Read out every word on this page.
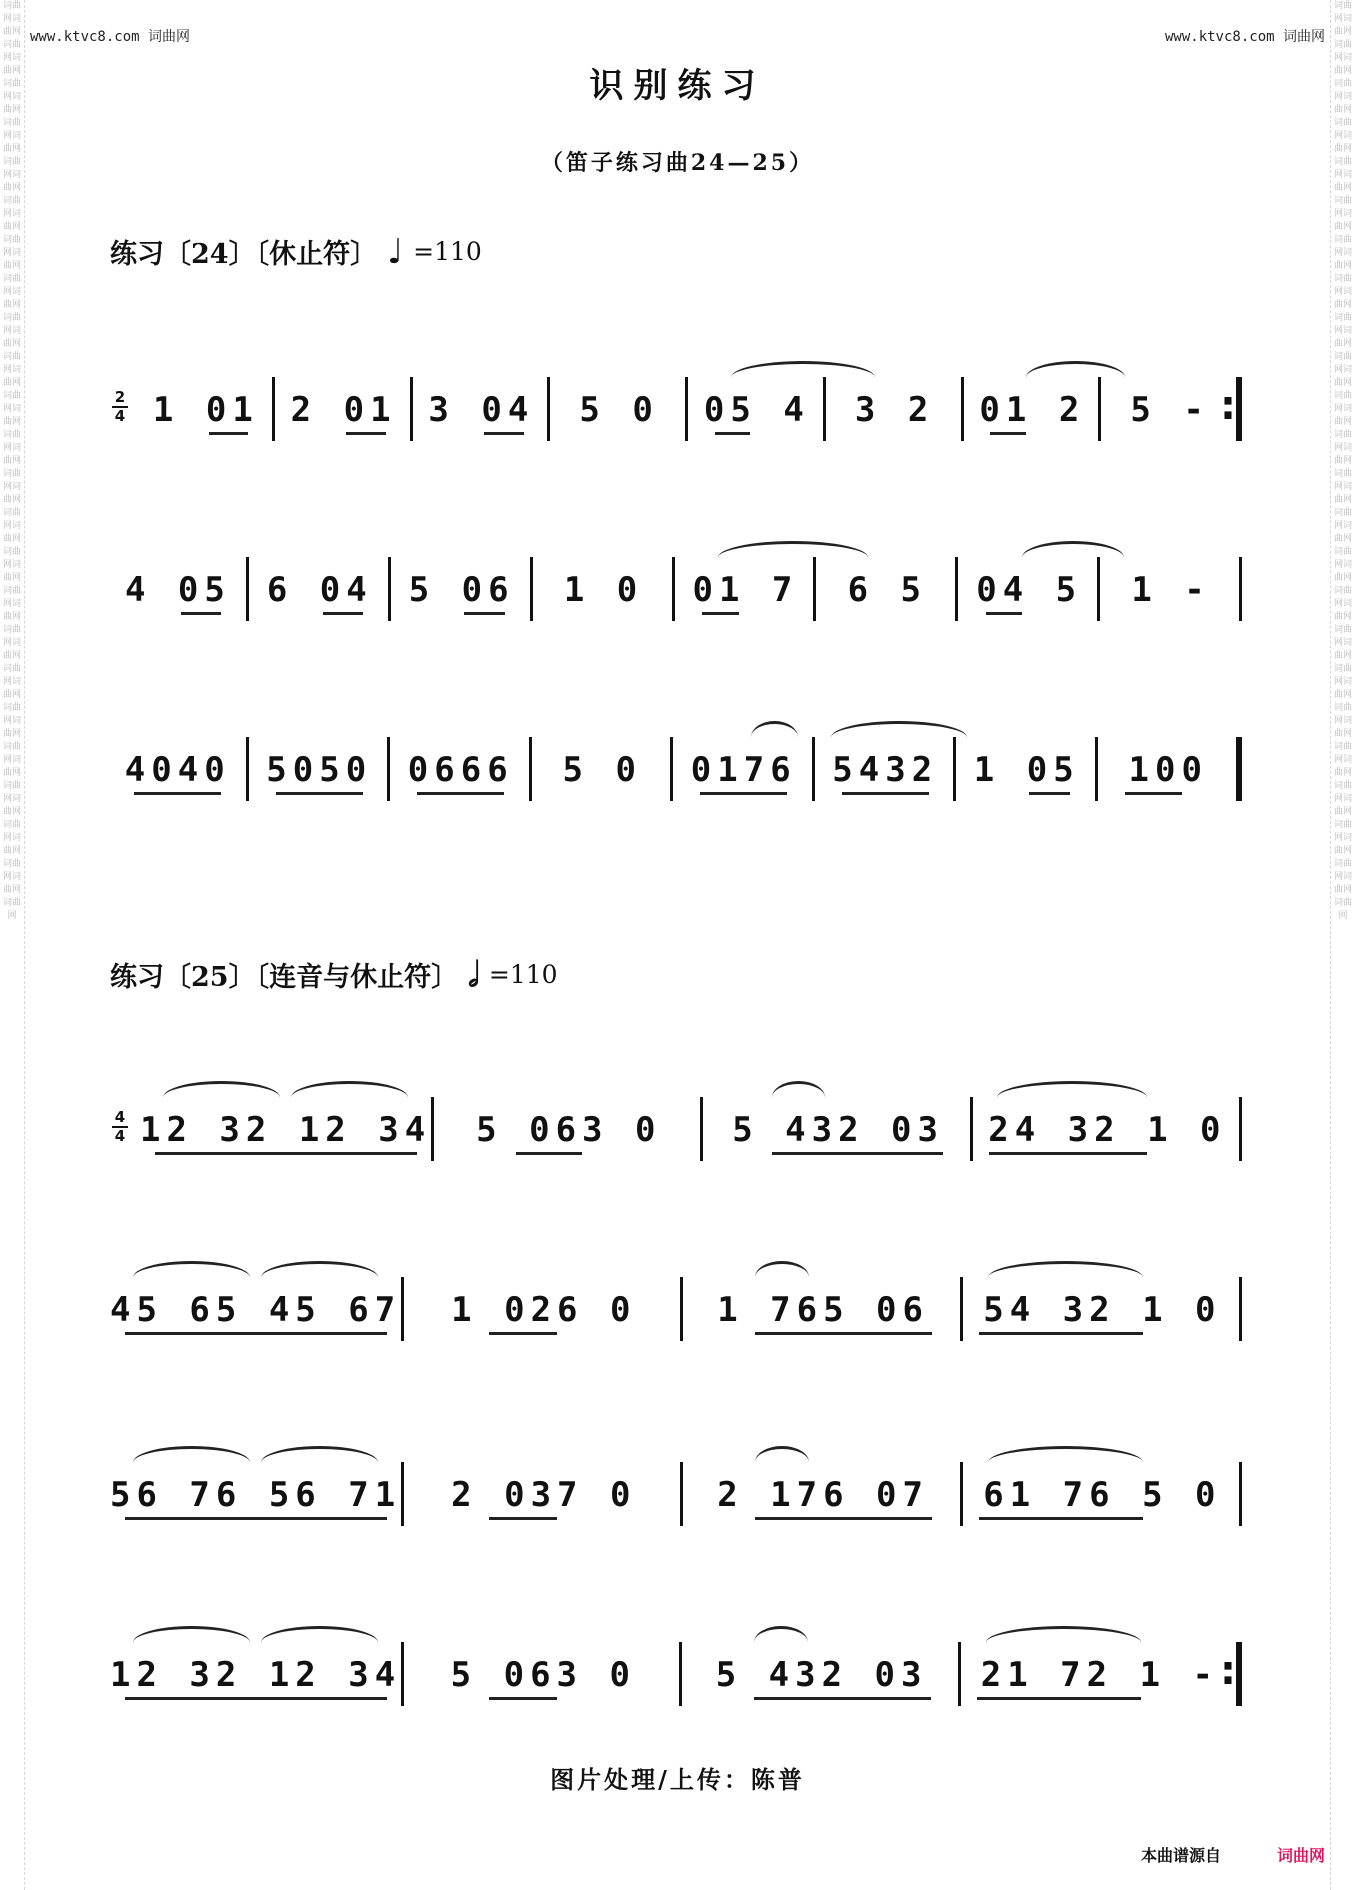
词曲网词曲网词曲网词曲网词曲网词曲网词曲网词曲网词曲网词曲网词曲网词曲网词曲网词曲网词曲网词曲网词曲网词曲网词曲网词曲网词曲网词曲网词曲网词曲网词曲网词曲网词曲网词曲网词曲网词曲网词曲网词曲网词曲网词曲网词曲网词曲网词曲网词曲网词曲网词曲网词曲网词曲网词曲网词曲网词曲网词曲网词曲网
词曲网词曲网词曲网词曲网词曲网词曲网词曲网词曲网词曲网词曲网词曲网词曲网词曲网词曲网词曲网词曲网词曲网词曲网词曲网词曲网词曲网词曲网词曲网词曲网词曲网词曲网词曲网词曲网词曲网词曲网词曲网词曲网词曲网词曲网词曲网词曲网词曲网词曲网词曲网词曲网词曲网词曲网词曲网词曲网词曲网词曲网词曲网
www.ktvc8.com 词曲网	www.ktvc8.com 词曲网
识别练习
（笛子练习曲24—25）
练习〔24〕〔休止符〕 ♩ =110
2
4 1 01 2 01 3 04 5 0 05 4 3 2 01 2 5 -
:
4 05 6 04 5 06 1 0 01 7 6 5 04 5 1 -
4040 5050 0666 5 0 0176 5432 1 05 100
练习〔25〕〔连音与休止符〕 𝅗𝅥 =110
4
4 12 32 12 34 5 063 0 5 432 03 24 32 1 0
45 65 45 67 1 026 0 1 765 06 54 32 1 0
56 76 56 71 2 037 0 2 176 07 61 76 5 0
12 32 12 34 5 063 0 5 432 03 21 72 1 -
:
图片处理/上传：陈普
本曲谱源自	词曲网
